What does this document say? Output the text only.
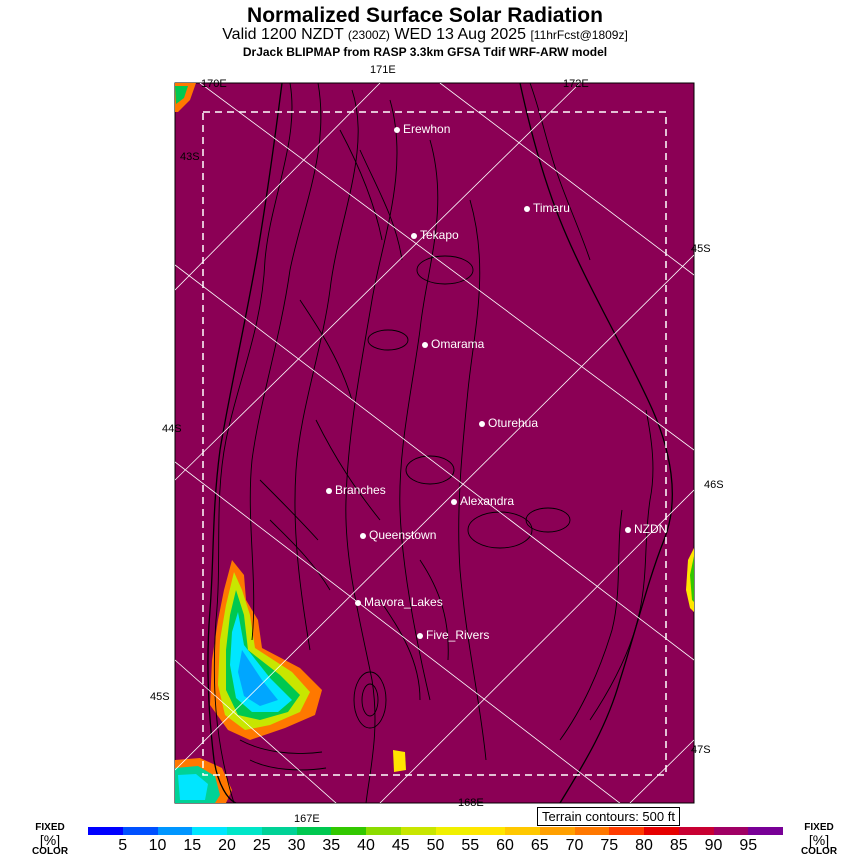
Normalized Surface Solar Radiation
Valid 1200 NZDT (2300Z) WED 13 Aug 2025 [11hrFcst@1809z]
DrJack BLIPMAP from RASP 3.3km GFSA Tdif WRF-ARW model
171E
170E	172E
43S
44S
45S
45S
46S
47S
167E
168E
Erewhon
Timaru
Tekapo
Omarama
Oturehua
Branches
Alexandra
NZDN
Queenstown
Mavora_Lakes
Five_Rivers
Terrain contours: 500 ft
FIXED
[%]
COLOR	5 10 15 20 25 30 35 40 45 50 55 60 65 70 75 80 85 90 95
FIXED
[%]
COLOR
